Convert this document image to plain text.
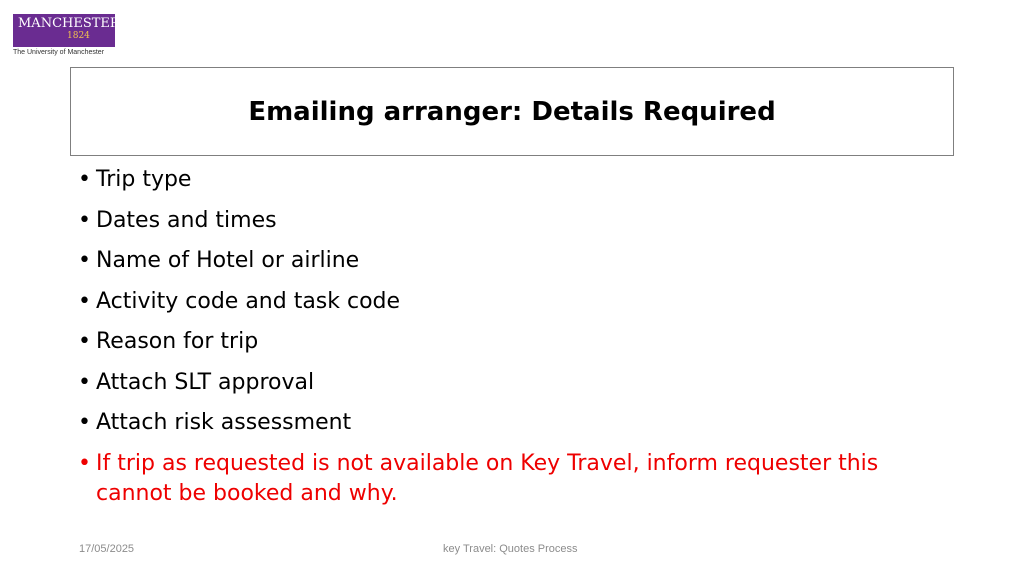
MANCHESTER
1824
The University of Manchester
Emailing arranger: Details Required
• Trip type
• Dates and times
• Name of Hotel or airline
• Activity code and task code
• Reason for trip
• Attach SLT approval
• Attach risk assessment
• If trip as requested is not available on Key Travel, inform requester this cannot be booked and why.
17/05/2025	key Travel: Quotes Process
